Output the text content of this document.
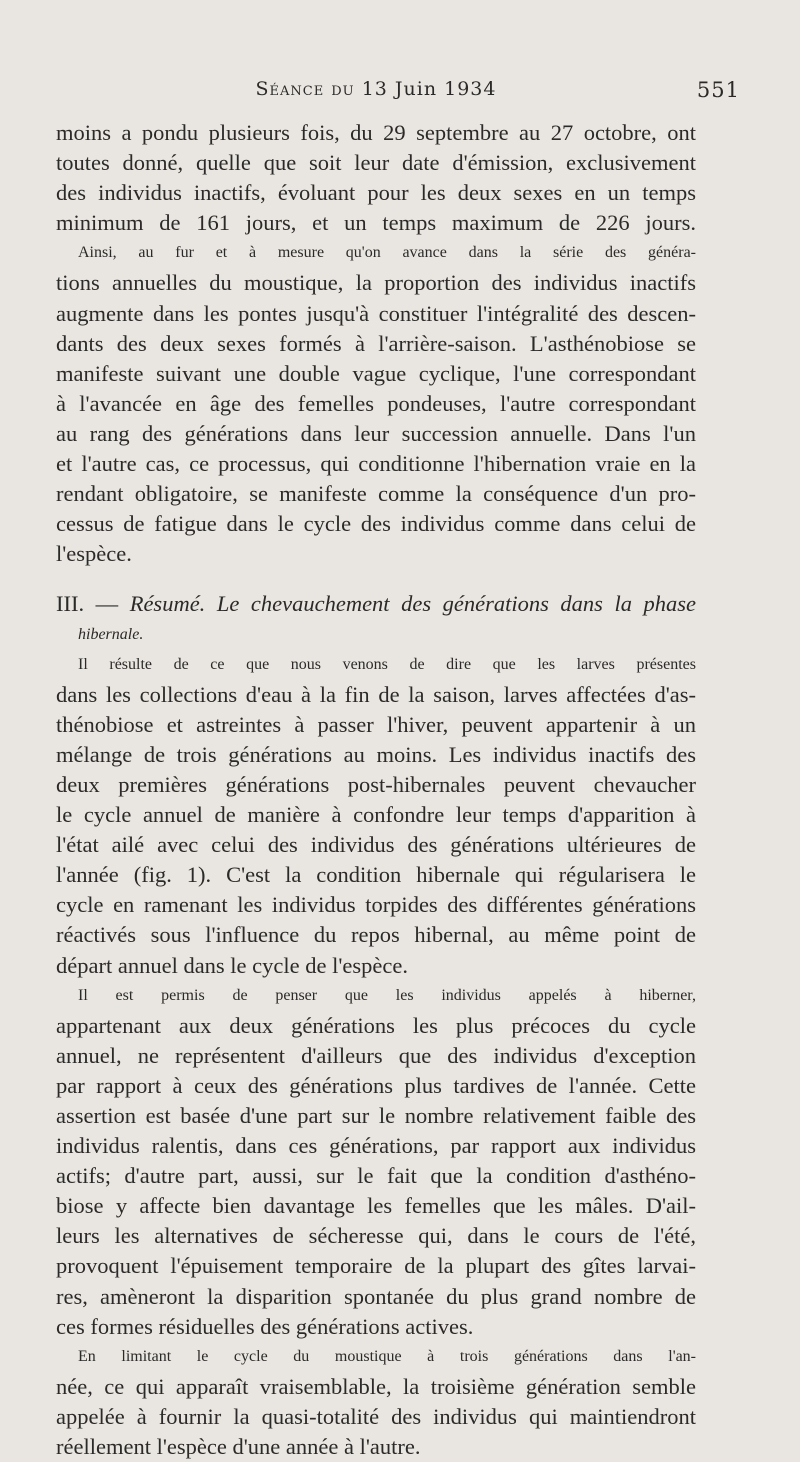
Séance du 13 Juin 1934	551
moins a pondu plusieurs fois, du 29 septembre au 27 octobre, ont
toutes donné, quelle que soit leur date d'émission, exclusivement
des individus inactifs, évoluant pour les deux sexes en un temps
minimum de 161 jours, et un temps maximum de 226 jours.
Ainsi, au fur et à mesure qu'on avance dans la série des généra-
tions annuelles du moustique, la proportion des individus inactifs
augmente dans les pontes jusqu'à constituer l'intégralité des descen-
dants des deux sexes formés à l'arrière-saison. L'asthénobiose se
manifeste suivant une double vague cyclique, l'une correspondant
à l'avancée en âge des femelles pondeuses, l'autre correspondant
au rang des générations dans leur succession annuelle. Dans l'un
et l'autre cas, ce processus, qui conditionne l'hibernation vraie en la
rendant obligatoire, se manifeste comme la conséquence d'un pro-
cessus de fatigue dans le cycle des individus comme dans celui de
l'espèce.
III. — Résumé. Le chevauchement des générations dans la phase
hibernale.
Il résulte de ce que nous venons de dire que les larves présentes
dans les collections d'eau à la fin de la saison, larves affectées d'as-
thénobiose et astreintes à passer l'hiver, peuvent appartenir à un
mélange de trois générations au moins. Les individus inactifs des
deux premières générations post-hibernales peuvent chevaucher
le cycle annuel de manière à confondre leur temps d'apparition à
l'état ailé avec celui des individus des générations ultérieures de
l'année (fig. 1). C'est la condition hibernale qui régularisera le
cycle en ramenant les individus torpides des différentes générations
réactivés sous l'influence du repos hibernal, au même point de
départ annuel dans le cycle de l'espèce.
Il est permis de penser que les individus appelés à hiberner,
appartenant aux deux générations les plus précoces du cycle
annuel, ne représentent d'ailleurs que des individus d'exception
par rapport à ceux des générations plus tardives de l'année. Cette
assertion est basée d'une part sur le nombre relativement faible des
individus ralentis, dans ces générations, par rapport aux individus
actifs; d'autre part, aussi, sur le fait que la condition d'asthéno-
biose y affecte bien davantage les femelles que les mâles. D'ail-
leurs les alternatives de sécheresse qui, dans le cours de l'été,
provoquent l'épuisement temporaire de la plupart des gîtes larvai-
res, amèneront la disparition spontanée du plus grand nombre de
ces formes résiduelles des générations actives.
En limitant le cycle du moustique à trois générations dans l'an-
née, ce qui apparaît vraisemblable, la troisième génération semble
appelée à fournir la quasi-totalité des individus qui maintiendront
réellement l'espèce d'une année à l'autre.
